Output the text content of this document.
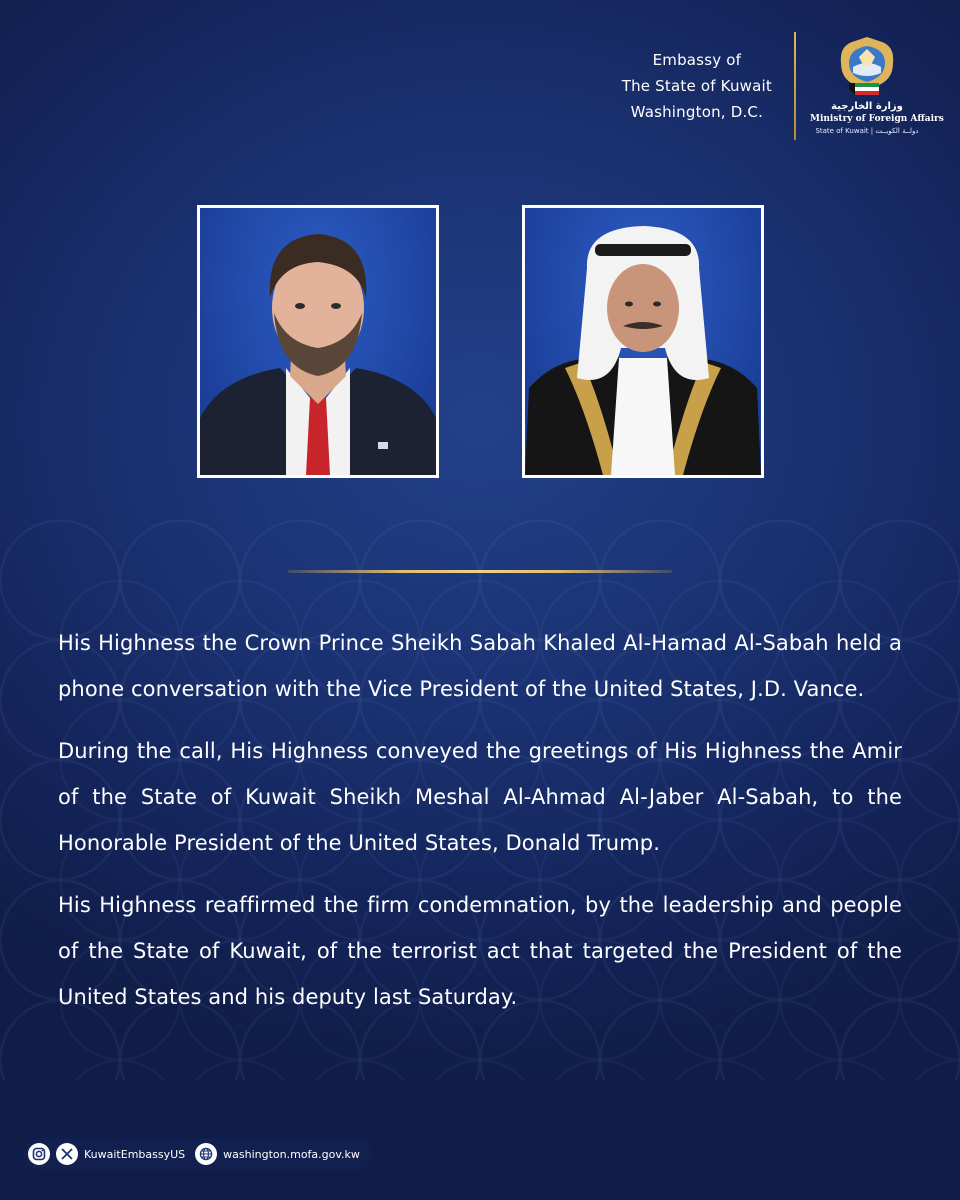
Embassy of
The State of Kuwait
Washington, D.C.	وزارة الخارجية
Ministry of Foreign Affairs
State of Kuwait | دولــة الكويــت

His Highness the Crown Prince Sheikh Sabah Khaled Al-Hamad Al-Sabah held a phone conversation with the Vice President of the United States, J.D. Vance.

During the call, His Highness conveyed the greetings of His Highness the Amir of the State of Kuwait Sheikh Meshal Al-Ahmad Al-Jaber Al-Sabah, to the Honorable President of the United States, Donald Trump.

His Highness reaffirmed the firm condemnation, by the leadership and people of the State of Kuwait, of the terrorist act that targeted the President of the United States and his deputy last Saturday.

KuwaitEmbassyUS	washington.mofa.gov.kw
